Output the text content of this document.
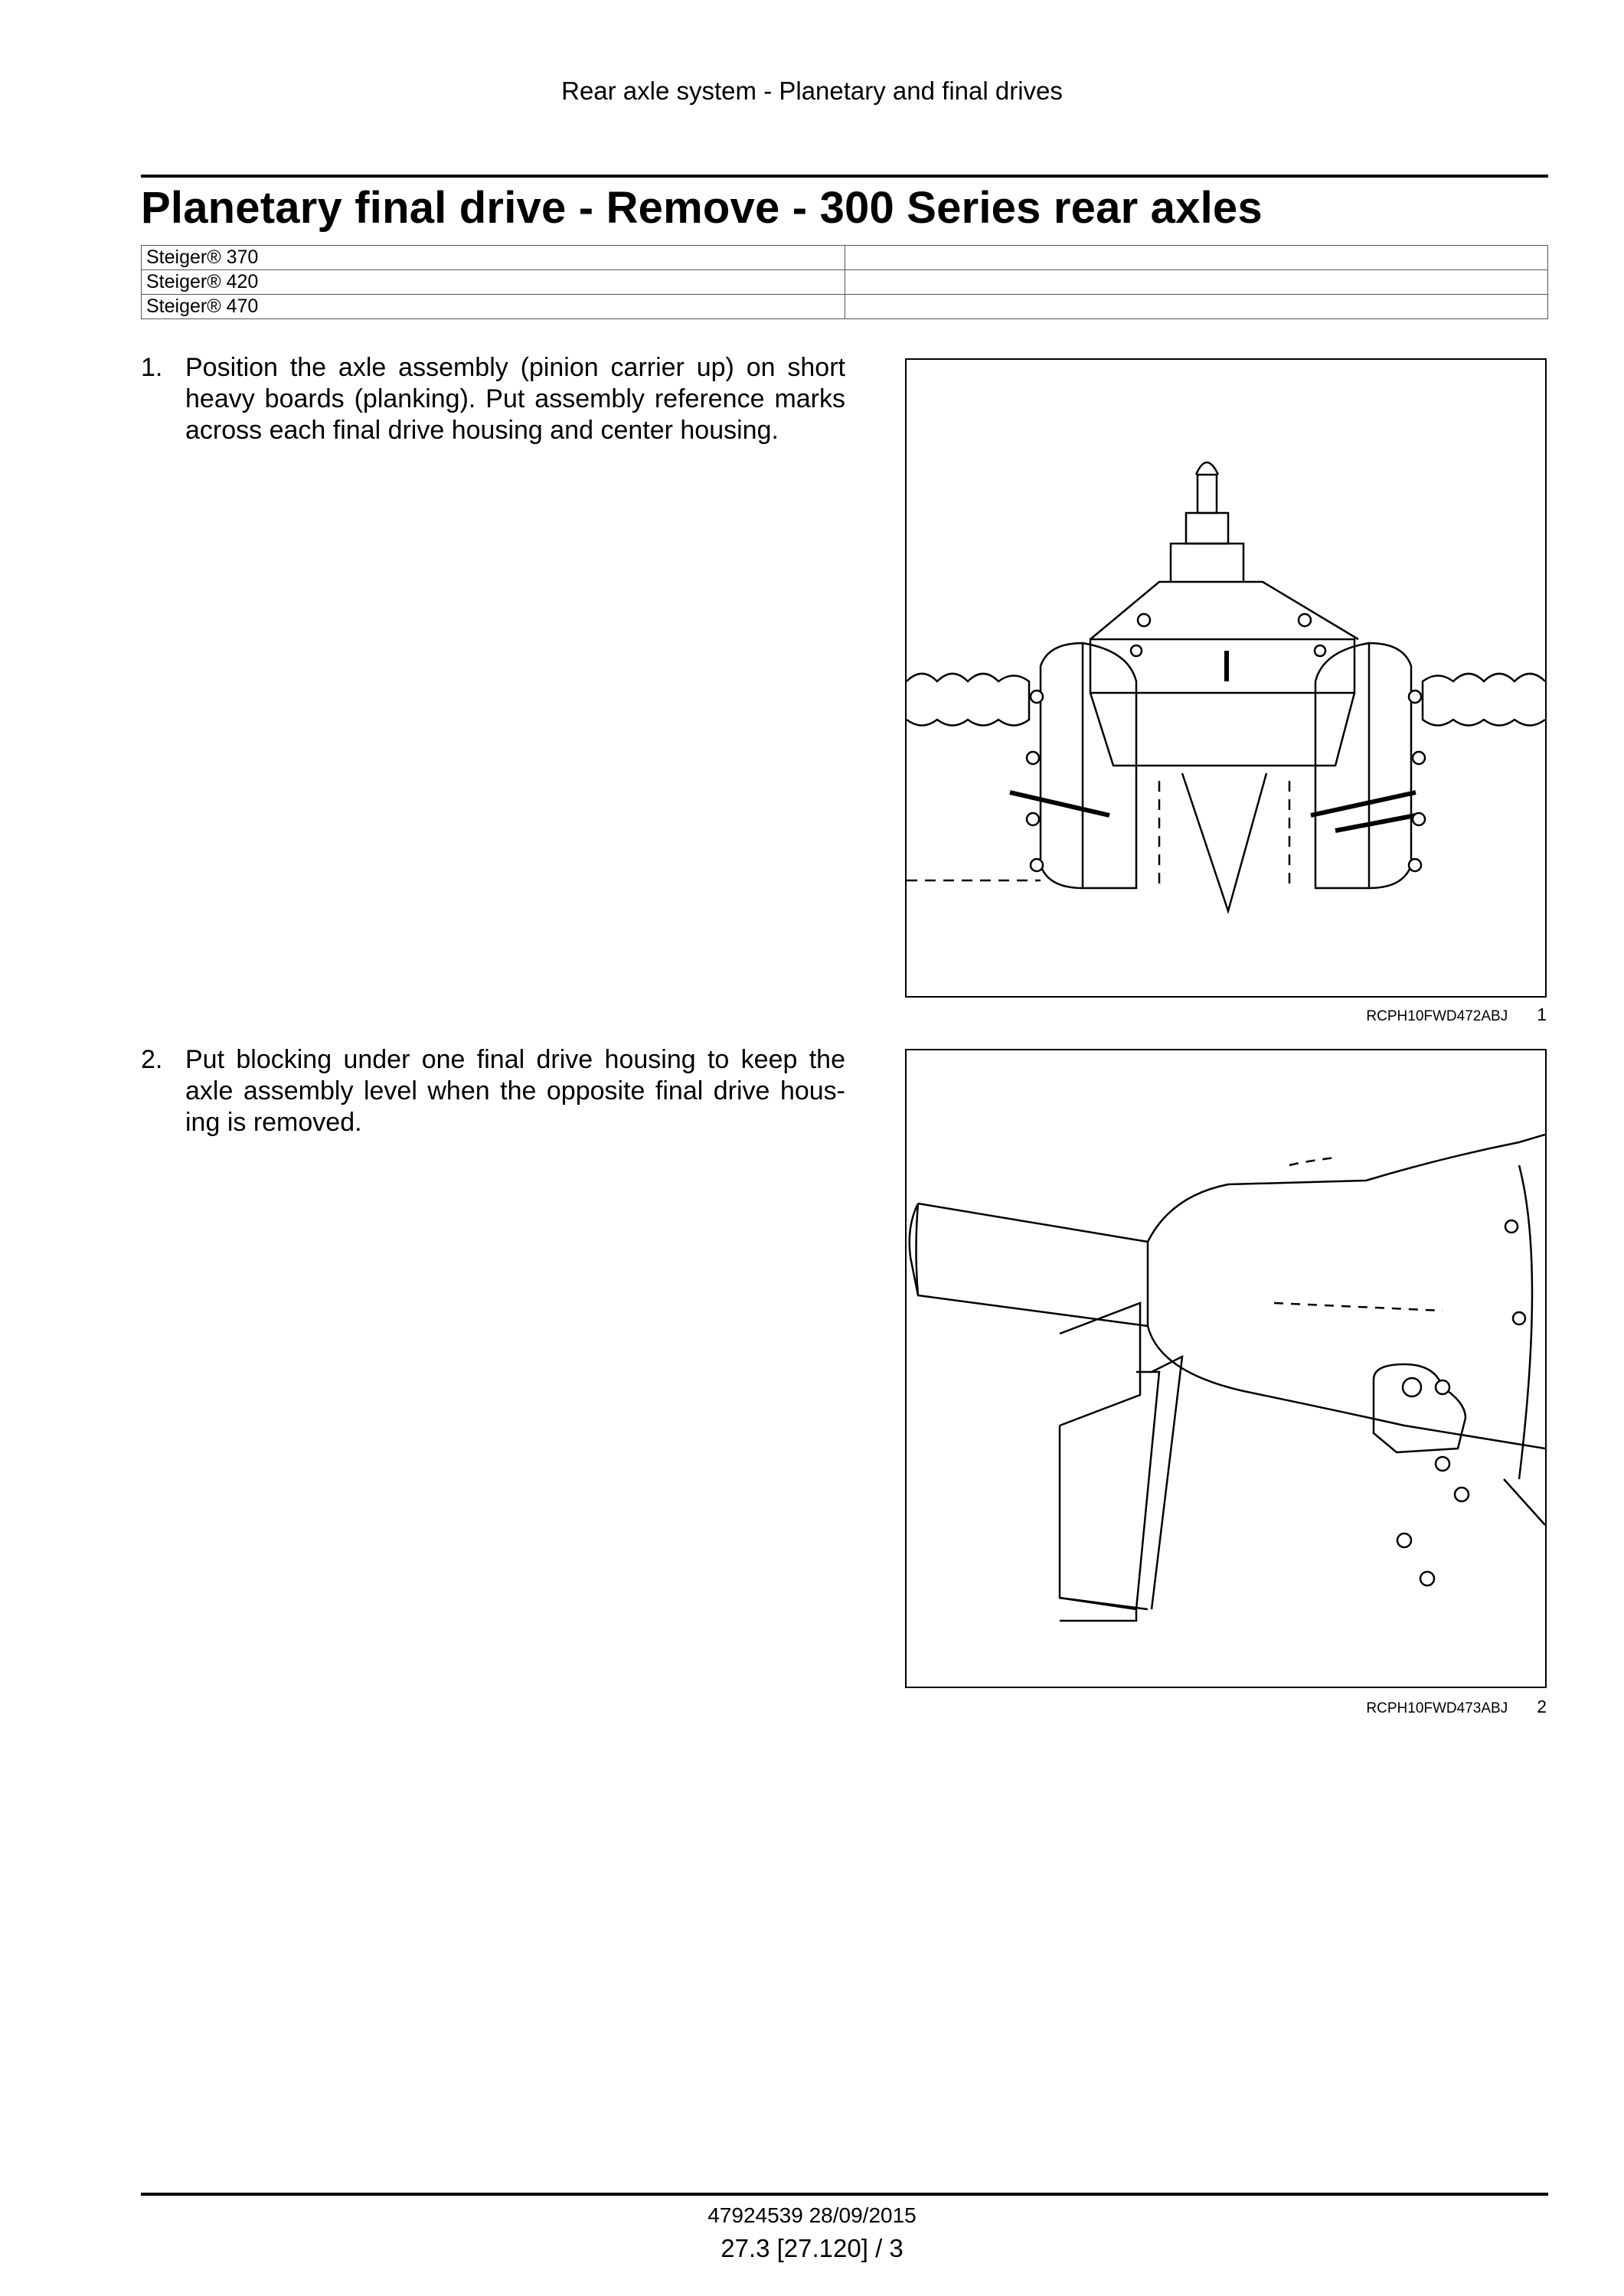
Rear axle system - Planetary and final drives
Planetary final drive - Remove - 300 Series rear axles
Steiger® 370	
Steiger® 420	
Steiger® 470	
1. Position the axle assembly (pinion carrier up) on short heavy boards (planking). Put assembly reference marks across each final drive housing and center housing.
RCPH10FWD472ABJ 1
2. Put blocking under one final drive housing to keep the axle assembly level when the opposite final drive hous-ing is removed.
RCPH10FWD473ABJ 2
47924539 28/09/2015
27.3 [27.120] / 3
